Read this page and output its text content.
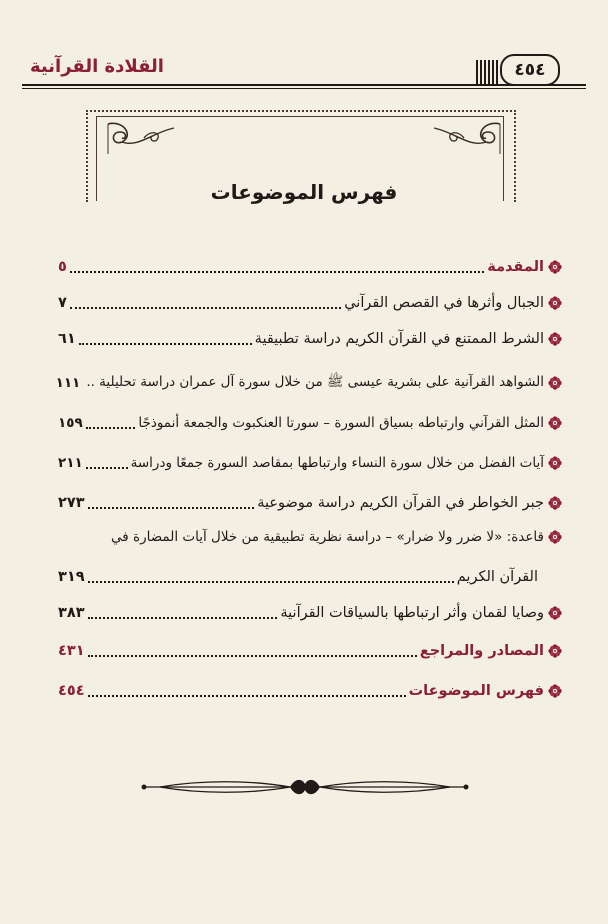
القلادة القرآنية	٤٥٤
فهرس الموضوعات
المقدمة
٥
الجبال وأثرها في القصص القرآني
٧
الشرط الممتنع في القرآن الكريم دراسة تطبيقية
٦١
الشواهد القرآنية على بشرية عيسى ﷺ من خلال سورة آل عمران دراسة تحليلية ..
١١١
المثل القرآني وارتباطه بسياق السورة – سورتا العنكبوت والجمعة أنموذجًا
١٥٩
آيات الفضل من خلال سورة النساء وارتباطها بمقاصد السورة جمعًا ودراسة
٢١١
جبر الخواطر في القرآن الكريم دراسة موضوعية
٢٧٣
قاعدة: «لا ضرر ولا ضرار» – دراسة نظرية تطبيقية من خلال آيات المضارة في
القرآن الكريم
٣١٩
وصايا لقمان وأثر ارتباطها بالسياقات القرآنية
٣٨٣
المصادر والمراجع
٤٣١
فهرس الموضوعات
٤٥٤
